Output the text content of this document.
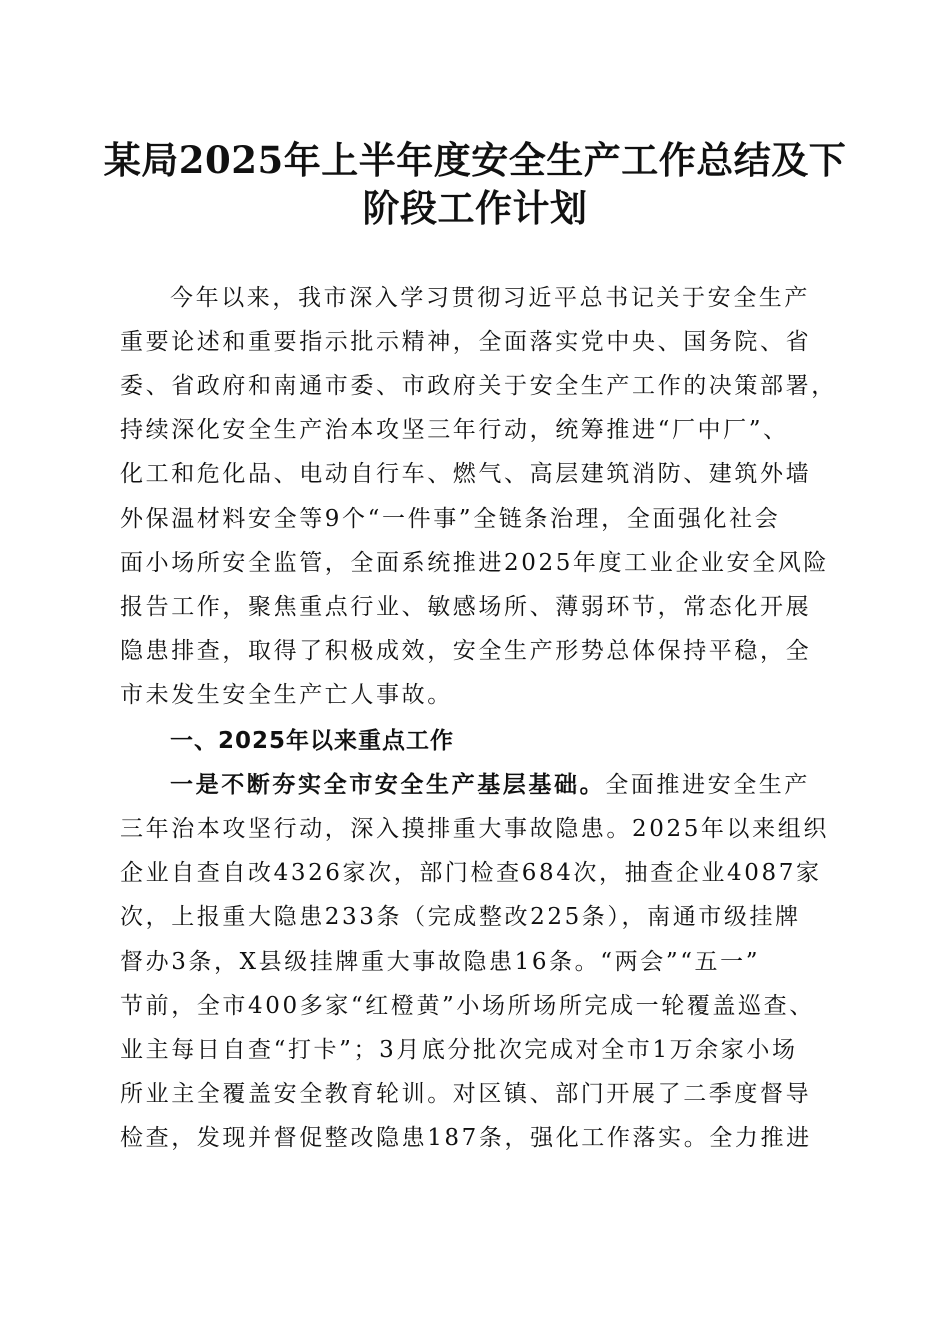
某局2025年上半年度安全生产工作总结及下
阶段工作计划
今年以来，我市深入学习贯彻习近平总书记关于安全生产
重要论述和重要指示批示精神，全面落实党中央、国务院、省
委、省政府和南通市委、市政府关于安全生产工作的决策部署，
持续深化安全生产治本攻坚三年行动，统筹推进“厂中厂”、
化工和危化品、电动自行车、燃气、高层建筑消防、建筑外墙
外保温材料安全等9个“一件事”全链条治理，全面强化社会
面小场所安全监管，全面系统推进2025年度工业企业安全风险
报告工作，聚焦重点行业、敏感场所、薄弱环节，常态化开展
隐患排查，取得了积极成效，安全生产形势总体保持平稳，全
市未发生安全生产亡人事故。
一、2025年以来重点工作
一是不断夯实全市安全生产基层基础。全面推进安全生产
三年治本攻坚行动，深入摸排重大事故隐患。2025年以来组织
企业自查自改4326家次，部门检查684次，抽查企业4087家
次，上报重大隐患233条（完成整改225条），南通市级挂牌
督办3条，X县级挂牌重大事故隐患16条。“两会”“五一”
节前，全市400多家“红橙黄”小场所场所完成一轮覆盖巡查、
业主每日自查“打卡”；3月底分批次完成对全市1万余家小场
所业主全覆盖安全教育轮训。对区镇、部门开展了二季度督导
检查，发现并督促整改隐患187条，强化工作落实。全力推进
